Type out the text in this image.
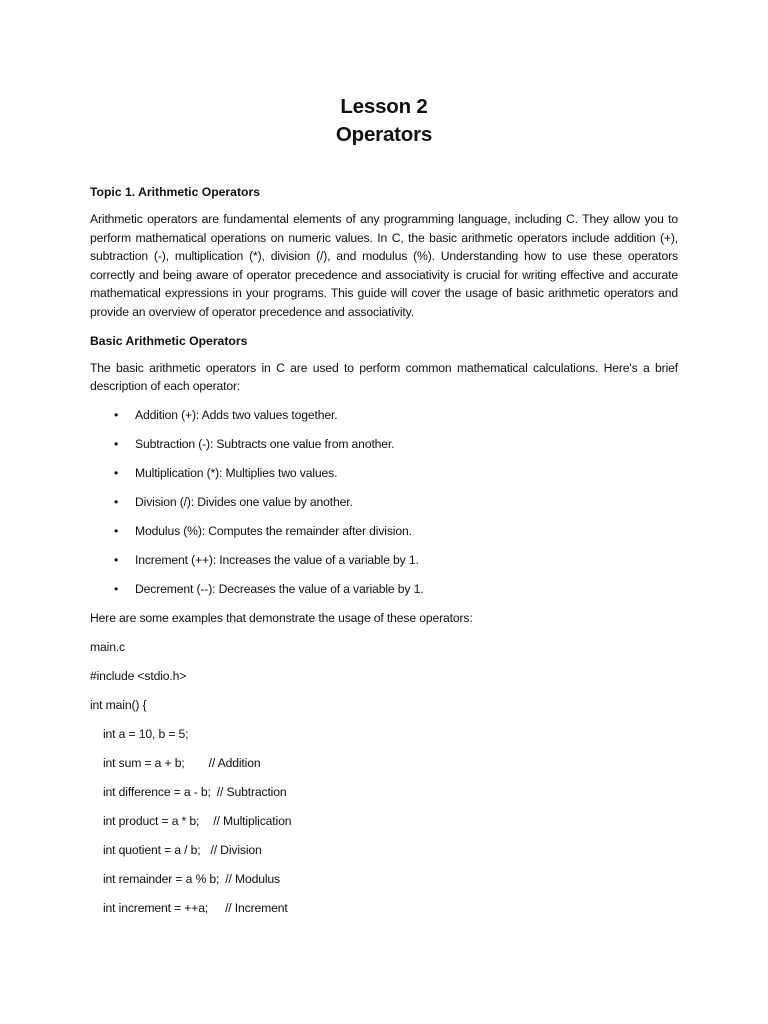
Lesson 2
Operators
Topic 1. Arithmetic Operators
Arithmetic operators are fundamental elements of any programming language, including C. They allow you to perform mathematical operations on numeric values. In C, the basic arithmetic operators include addition (+), subtraction (-), multiplication (*), division (/), and modulus (%). Understanding how to use these operators correctly and being aware of operator precedence and associativity is crucial for writing effective and accurate mathematical expressions in your programs. This guide will cover the usage of basic arithmetic operators and provide an overview of operator precedence and associativity.
Basic Arithmetic Operators
The basic arithmetic operators in C are used to perform common mathematical calculations. Here's a brief description of each operator:
• Addition (+): Adds two values together.
• Subtraction (-): Subtracts one value from another.
• Multiplication (*): Multiplies two values.
• Division (/): Divides one value by another.
• Modulus (%): Computes the remainder after division.
• Increment (++): Increases the value of a variable by 1.
• Decrement (--): Decreases the value of a variable by 1.
Here are some examples that demonstrate the usage of these operators:
main.c
#include <stdio.h>
int main() {
int a = 10, b = 5;
int sum = a + b; // Addition
int difference = a - b; // Subtraction
int product = a * b; // Multiplication
int quotient = a / b; // Division
int remainder = a % b; // Modulus
int increment = ++a; // Increment
